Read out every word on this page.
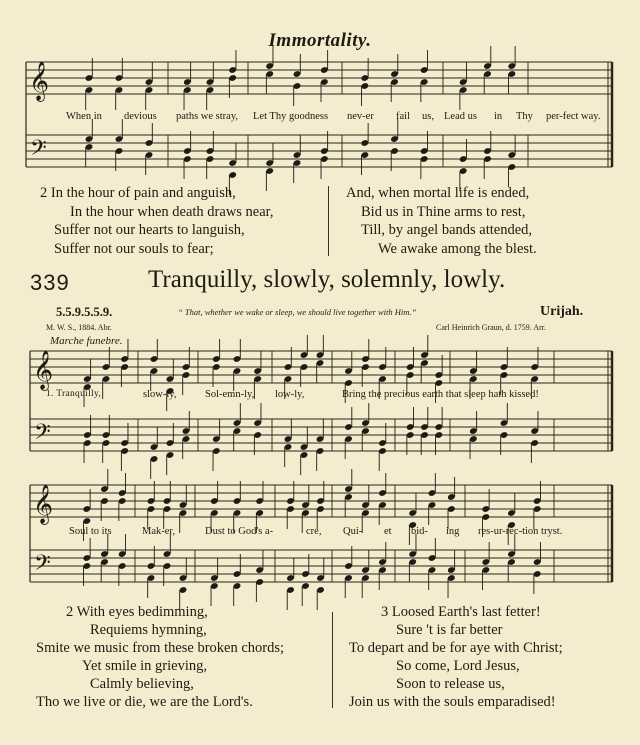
Immortality.
𝄞
𝄢
𝄞
𝄢
𝄞
𝄢
When in devious paths we stray, Let Thy goodness nev-er fail us, Lead us in Thy per-fect way.
2 In the hour of pain and anguish,
In the hour when death draws near,
Suffer not our hearts to languish,
Suffer not our souls to fear;
And, when mortal life is ended,
Bid us in Thine arms to rest,
Till, by angel bands attended,
We awake among the blest.
339	Tranquilly, slowly, solemnly, lowly.
5.5.9.5.5.9.	“ That, whether we wake or sleep, we should live together with Him.”	Urijah.
M. W. S., 1884. Abr.	Carl Heinrich Graun, d. 1759. Arr.
Marche funebre.
1. Tranquilly,	slow-ly,	Sol-emn-ly, low-ly,	Bring the precious earth that sleep hath kissed!
Soul to its	Mak-er,	Dust to God's a-	cre, Qui- et bid- ing res-ur-rec-tion tryst.
2 With eyes bedimming,
Requiems hymning,
Smite we music from these broken chords;
Yet smile in grieving,
Calmly believing,
Tho we live or die, we are the Lord's.
3 Loosed Earth's last fetter!
Sure 't is far better
To depart and be for aye with Christ;
So come, Lord Jesus,
Soon to release us,
Join us with the souls emparadised!
